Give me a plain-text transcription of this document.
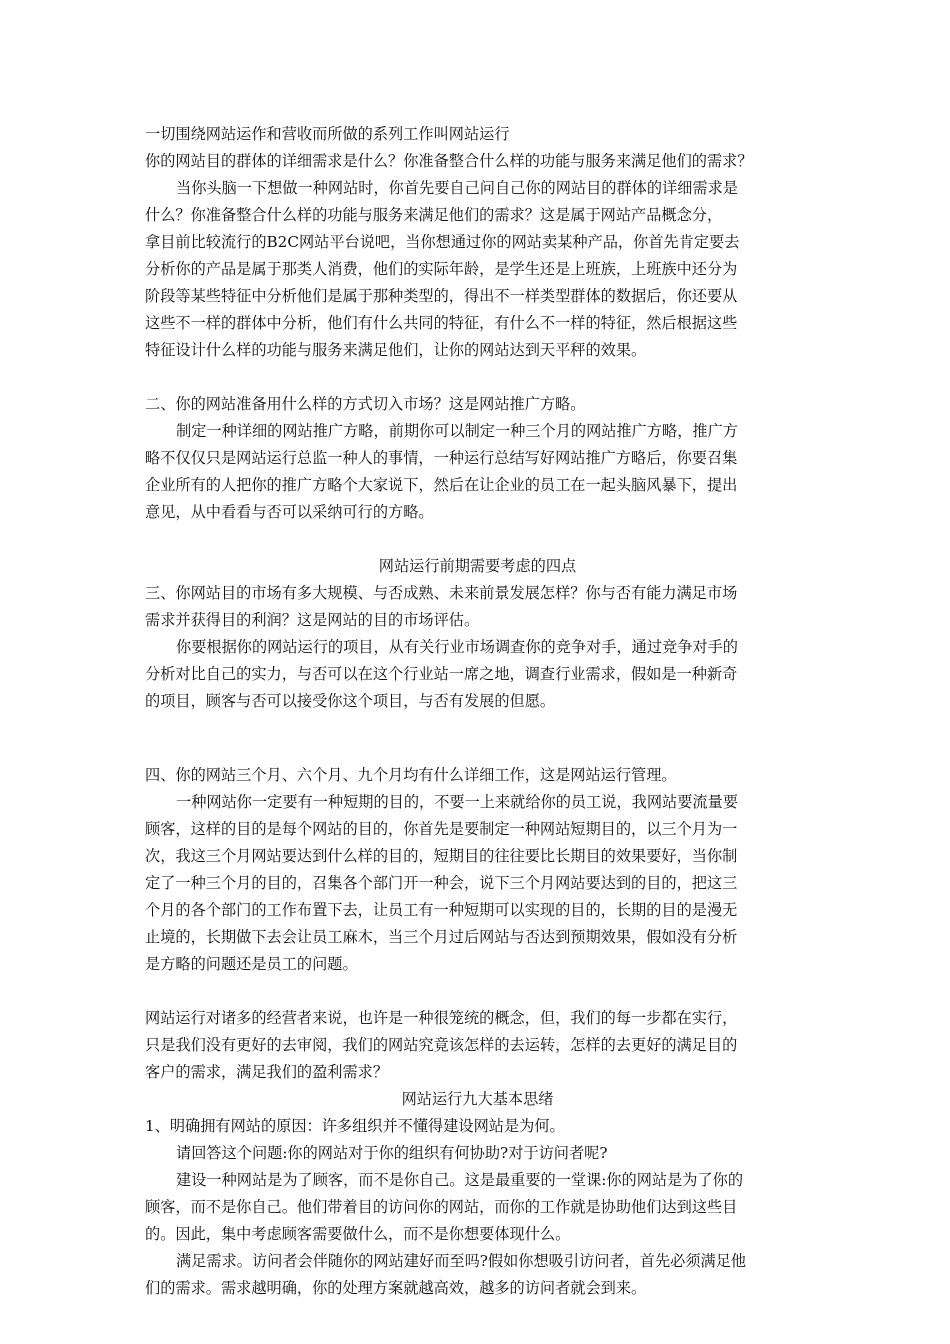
一切围绕网站运作和营收而所做的系列工作叫网站运行

你的网站目的群体的详细需求是什么？你准备整合什么样的功能与服务来满足他们的需求？

当你头脑一下想做一种网站时，你首先要自己问自己你的网站目的群体的详细需求是

什么？你准备整合什么样的功能与服务来满足他们的需求？这是属于网站产品概念分，

拿目前比较流行的B2C网站平台说吧，当你想通过你的网站卖某种产品，你首先肯定要去

分析你的产品是属于那类人消费，他们的实际年龄，是学生还是上班族，上班族中还分为

阶段等某些特征中分析他们是属于那种类型的，得出不一样类型群体的数据后，你还要从

这些不一样的群体中分析，他们有什么共同的特征，有什么不一样的特征，然后根据这些

特征设计什么样的功能与服务来满足他们，让你的网站达到天平秤的效果。

二、你的网站准备用什么样的方式切入市场？这是网站推广方略。

制定一种详细的网站推广方略，前期你可以制定一种三个月的网站推广方略，推广方

略不仅仅只是网站运行总监一种人的事情，一种运行总结写好网站推广方略后，你要召集

企业所有的人把你的推广方略个大家说下，然后在让企业的员工在一起头脑风暴下，提出

意见，从中看看与否可以采纳可行的方略。

网站运行前期需要考虑的四点

三、你网站目的市场有多大规模、与否成熟、未来前景发展怎样？你与否有能力满足市场

需求并获得目的利润？这是网站的目的市场评估。

你要根据你的网站运行的项目，从有关行业市场调查你的竞争对手，通过竞争对手的

分析对比自己的实力，与否可以在这个行业站一席之地，调查行业需求，假如是一种新奇

的项目，顾客与否可以接受你这个项目，与否有发展的但愿。

四、你的网站三个月、六个月、九个月均有什么详细工作，这是网站运行管理。

一种网站你一定要有一种短期的目的，不要一上来就给你的员工说，我网站要流量要

顾客，这样的目的是每个网站的目的，你首先是要制定一种网站短期目的，以三个月为一

次，我这三个月网站要达到什么样的目的，短期目的往往要比长期目的效果要好，当你制

定了一种三个月的目的，召集各个部门开一种会，说下三个月网站要达到的目的，把这三

个月的各个部门的工作布置下去，让员工有一种短期可以实现的目的，长期的目的是漫无

止境的，长期做下去会让员工麻木，当三个月过后网站与否达到预期效果，假如没有分析

是方略的问题还是员工的问题。

网站运行对诸多的经营者来说，也许是一种很笼统的概念，但，我们的每一步都在实行，

只是我们没有更好的去审阅，我们的网站究竟该怎样的去运转，怎样的去更好的满足目的

客户的需求，满足我们的盈利需求？

网站运行九大基本思绪

1、明确拥有网站的原因：许多组织并不懂得建设网站是为何。

请回答这个问题:你的网站对于你的组织有何协助?对于访问者呢?

建设一种网站是为了顾客，而不是你自己。这是最重要的一堂课:你的网站是为了你的

顾客，而不是你自己。他们带着目的访问你的网站，而你的工作就是协助他们达到这些目

的。因此，集中考虑顾客需要做什么，而不是你想要体现什么。

满足需求。访问者会伴随你的网站建好而至吗?假如你想吸引访问者，首先必须满足他

们的需求。需求越明确，你的处理方案就越高效，越多的访问者就会到来。
